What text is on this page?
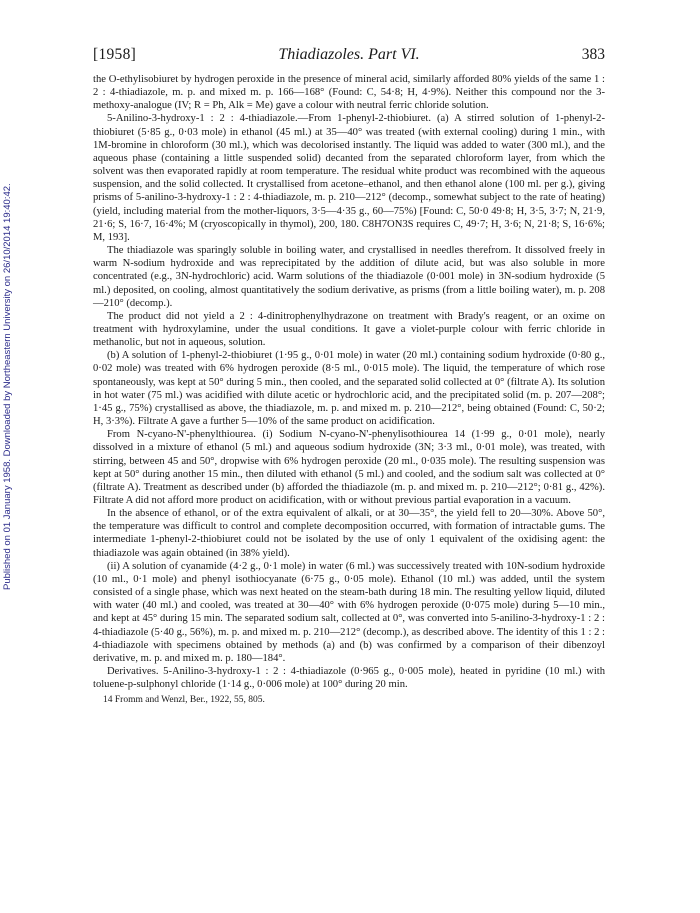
Published on 01 January 1958. Downloaded by Northeastern University on 26/10/2014 19:40:42.
[1958]	Thiadiazoles. Part VI.	383

the O-ethylisobiuret by hydrogen peroxide in the presence of mineral acid, similarly afforded 80% yields of the same 1 : 2 : 4-thiadiazole, m. p. and mixed m. p. 166—168° (Found: C, 54·8; H, 4·9%). Neither this compound nor the 3-methoxy-analogue (IV; R = Ph, Alk = Me) gave a colour with neutral ferric chloride solution.

5-Anilino-3-hydroxy-1 : 2 : 4-thiadiazole.—From 1-phenyl-2-thiobiuret. (a) A stirred solution of 1-phenyl-2-thiobiuret (5·85 g., 0·03 mole) in ethanol (45 ml.) at 35—40° was treated (with external cooling) during 1 min., with 1M-bromine in chloroform (30 ml.), which was decolorised instantly. The liquid was added to water (300 ml.), and the aqueous phase (containing a little suspended solid) decanted from the separated chloroform layer, from which the solvent was then evaporated rapidly at room temperature. The residual white product was recombined with the aqueous suspension, and the solid collected. It crystallised from acetone–ethanol, and then ethanol alone (100 ml. per g.), giving prisms of 5-anilino-3-hydroxy-1 : 2 : 4-thiadiazole, m. p. 210—212° (decomp., somewhat subject to the rate of heating) (yield, including material from the mother-liquors, 3·5—4·35 g., 60—75%) [Found: C, 50·0 49·8; H, 3·5, 3·7; N, 21·9, 21·6; S, 16·7, 16·4%; M (cryoscopically in thymol), 200, 180. C8H7ON3S requires C, 49·7; H, 3·6; N, 21·8; S, 16·6%; M, 193].

The thiadiazole was sparingly soluble in boiling water, and crystallised in needles therefrom. It dissolved freely in warm N-sodium hydroxide and was reprecipitated by the addition of dilute acid, but was also soluble in more concentrated (e.g., 3N-hydrochloric) acid. Warm solutions of the thiadiazole (0·001 mole) in 3N-sodium hydroxide (5 ml.) deposited, on cooling, almost quantitatively the sodium derivative, as prisms (from a little boiling water), m. p. 208—210° (decomp.).

The product did not yield a 2 : 4-dinitrophenylhydrazone on treatment with Brady's reagent, or an oxime on treatment with hydroxylamine, under the usual conditions. It gave a violet-purple colour with ferric chloride in methanolic, but not in aqueous, solution.

(b) A solution of 1-phenyl-2-thiobiuret (1·95 g., 0·01 mole) in water (20 ml.) containing sodium hydroxide (0·80 g., 0·02 mole) was treated with 6% hydrogen peroxide (8·5 ml., 0·015 mole). The liquid, the temperature of which rose spontaneously, was kept at 50° during 5 min., then cooled, and the separated solid collected at 0° (filtrate A). Its solution in hot water (75 ml.) was acidified with dilute acetic or hydrochloric acid, and the precipitated solid (m. p. 207—208°; 1·45 g., 75%) crystallised as above, the thiadiazole, m. p. and mixed m. p. 210—212°, being obtained (Found: C, 50·2; H, 3·3%). Filtrate A gave a further 5—10% of the same product on acidification.

From N-cyano-N'-phenylthiourea. (i) Sodium N-cyano-N'-phenylisothiourea 14 (1·99 g., 0·01 mole), nearly dissolved in a mixture of ethanol (5 ml.) and aqueous sodium hydroxide (3N; 3·3 ml., 0·01 mole), was treated, with stirring, between 45 and 50°, dropwise with 6% hydrogen peroxide (20 ml., 0·035 mole). The resulting suspension was kept at 50° during another 15 min., then diluted with ethanol (5 ml.) and cooled, and the sodium salt was collected at 0° (filtrate A). Treatment as described under (b) afforded the thiadiazole (m. p. and mixed m. p. 210—212°; 0·81 g., 42%). Filtrate A did not afford more product on acidification, with or without previous partial evaporation in a vacuum.

In the absence of ethanol, or of the extra equivalent of alkali, or at 30—35°, the yield fell to 20—30%. Above 50°, the temperature was difficult to control and complete decomposition occurred, with formation of intractable gums. The intermediate 1-phenyl-2-thiobiuret could not be isolated by the use of only 1 equivalent of the oxidising agent: the thiadiazole was again obtained (in 38% yield).

(ii) A solution of cyanamide (4·2 g., 0·1 mole) in water (6 ml.) was successively treated with 10N-sodium hydroxide (10 ml., 0·1 mole) and phenyl isothiocyanate (6·75 g., 0·05 mole). Ethanol (10 ml.) was added, until the system consisted of a single phase, which was next heated on the steam-bath during 18 min. The resulting yellow liquid, diluted with water (40 ml.) and cooled, was treated at 30—40° with 6% hydrogen peroxide (0·075 mole) during 5—10 min., and kept at 45° during 15 min. The separated sodium salt, collected at 0°, was converted into 5-anilino-3-hydroxy-1 : 2 : 4-thiadiazole (5·40 g., 56%), m. p. and mixed m. p. 210—212° (decomp.), as described above. The identity of this 1 : 2 : 4-thiadiazole with specimens obtained by methods (a) and (b) was confirmed by a comparison of their dibenzoyl derivative, m. p. and mixed m. p. 180—184°.

Derivatives. 5-Anilino-3-hydroxy-1 : 2 : 4-thiadiazole (0·965 g., 0·005 mole), heated in pyridine (10 ml.) with toluene-p-sulphonyl chloride (1·14 g., 0·006 mole) at 100° during 20 min.

14 Fromm and Wenzl, Ber., 1922, 55, 805.
